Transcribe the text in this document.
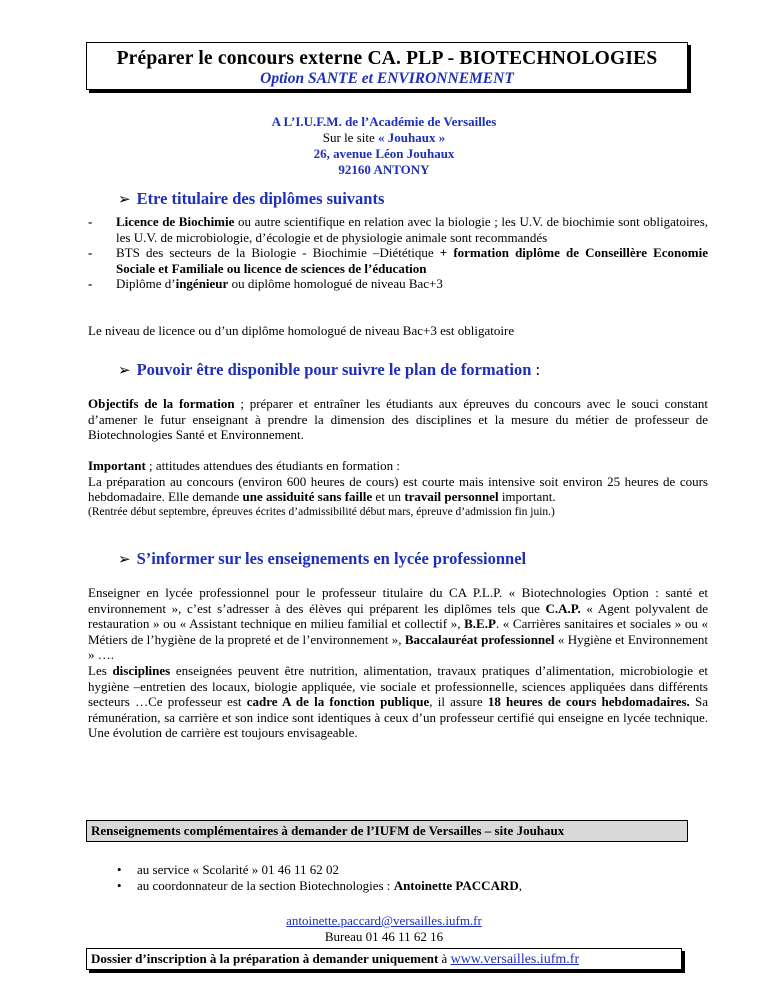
Préparer le concours externe CA. PLP - BIOTECHNOLOGIES
Option SANTE et ENVIRONNEMENT
A L’I.U.F.M. de l’Académie de Versailles
Sur le site « Jouhaux »
26, avenue Léon Jouhaux
92160 ANTONY
➢ Etre titulaire des diplômes suivants
- Licence de Biochimie ou autre scientifique en relation avec la biologie ; les U.V. de biochimie sont obligatoires, les U.V. de microbiologie, d’écologie et de physiologie animale sont recommandés
- BTS des secteurs de la Biologie - Biochimie –Diététique + formation diplôme de Conseillère Economie Sociale et Familiale ou licence de sciences de l’éducation
- Diplôme d’ingénieur ou diplôme homologué de niveau Bac+3
Le niveau de licence ou d’un diplôme homologué de niveau Bac+3 est obligatoire
➢ Pouvoir être disponible pour suivre le plan de formation :
Objectifs de la formation ; préparer et entraîner les étudiants aux épreuves du concours avec le souci constant d’amener le futur enseignant à prendre la dimension des disciplines et la mesure du métier de professeur de Biotechnologies Santé et Environnement.
Important ; attitudes attendues des étudiants en formation :
La préparation au concours (environ 600 heures de cours) est courte mais intensive soit environ 25 heures de cours hebdomadaire. Elle demande une assiduité sans faille et un travail personnel important.
(Rentrée début septembre, épreuves écrites d’admissibilité début mars, épreuve d’admission fin juin.)
➢ S’informer sur les enseignements en lycée professionnel
Enseigner en lycée professionnel pour le professeur titulaire du CA P.L.P. « Biotechnologies Option : santé et environnement », c’est s’adresser à des élèves qui préparent les diplômes tels que C.A.P. « Agent polyvalent de restauration » ou « Assistant technique en milieu familial et collectif », B.E.P. « Carrières sanitaires et sociales » ou « Métiers de l’hygiène de la propreté et de l’environnement », Baccalauréat professionnel « Hygiène et Environnement » ….
Les disciplines enseignées peuvent être nutrition, alimentation, travaux pratiques d’alimentation, microbiologie et hygiène –entretien des locaux, biologie appliquée, vie sociale et professionnelle, sciences appliquées dans différents secteurs …Ce professeur est cadre A de la fonction publique, il assure 18 heures de cours hebdomadaires. Sa rémunération, sa carrière et son indice sont identiques à ceux d’un professeur certifié qui enseigne en lycée technique. Une évolution de carrière est toujours envisageable.
Renseignements complémentaires à demander de l’IUFM de Versailles – site Jouhaux
• au service « Scolarité » 01 46 11 62 02
• au coordonnateur de la section Biotechnologies : Antoinette PACCARD,
antoinette.paccard@versailles.iufm.fr
Bureau 01 46 11 62 16
Dossier d’inscription à la préparation à demander uniquement à www.versailles.iufm.fr
